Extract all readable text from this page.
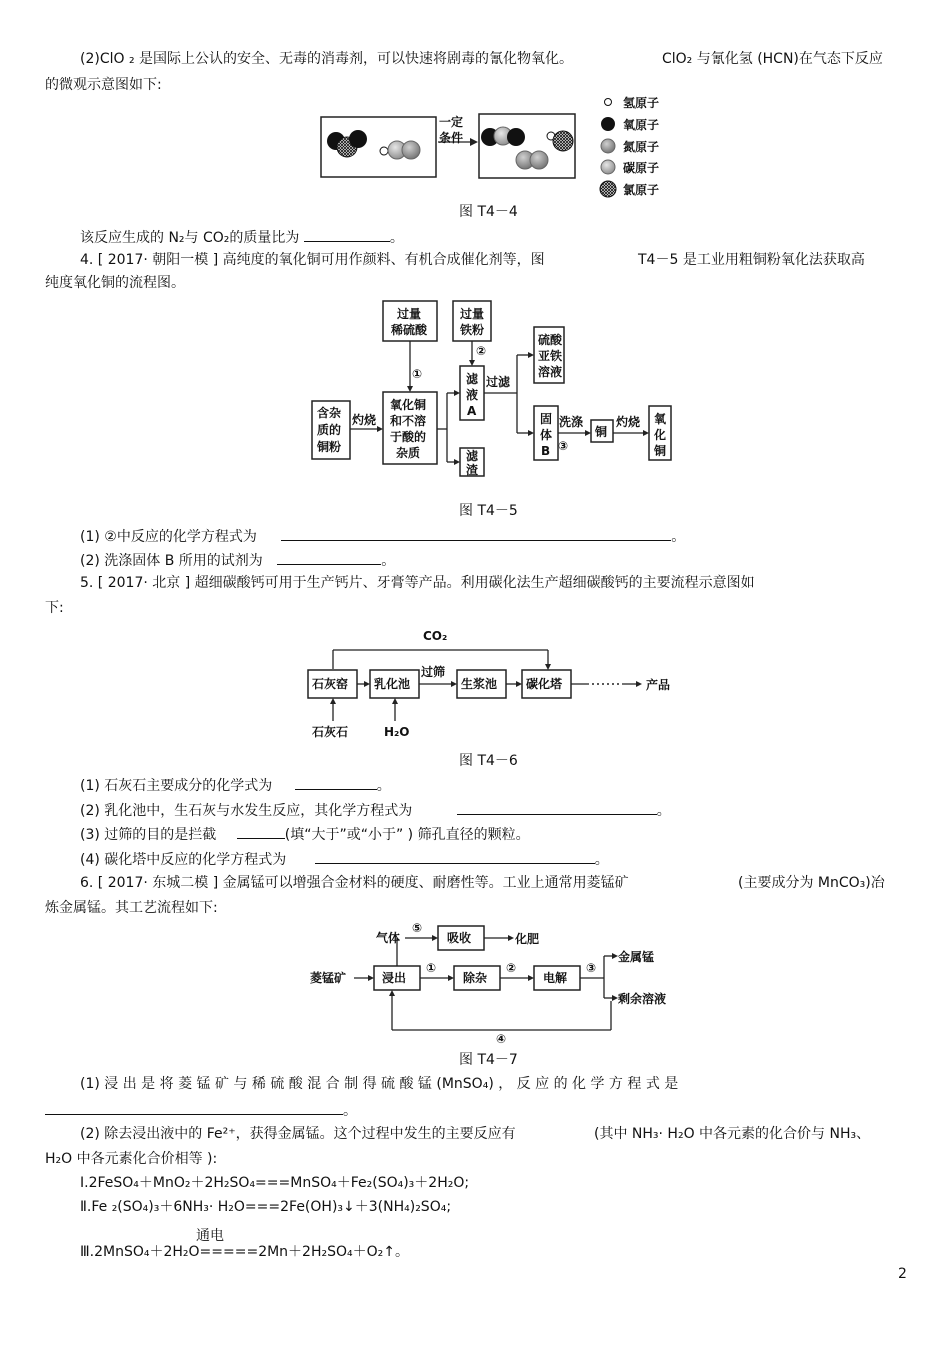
(2)ClO ₂ 是国际上公认的安全、无毒的消毒剂，可以快速将剧毒的氰化物氧化。	ClO₂ 与氰化氢 (HCN)在气态下反应
的微观示意图如下:
一定
条件
氢原子
氧原子
氮原子
碳原子
氯原子
图 T4－4
该反应生成的 N₂与 CO₂的质量比为	。
4. [ 2017· 朝阳一模 ] 高纯度的氧化铜可用作颜料、有机合成催化剂等，图	T4－5 是工业用粗铜粉氧化法获取高
纯度氧化铜的流程图。
过量
稀硫酸
过量
铁粉
硫酸
亚铁
溶液
含杂
质的
铜粉
氧化铜
和不溶
于酸的
杂质
滤
液
A
固
体
B
滤
渣
铜
氧
化
铜
灼烧
①
②
过滤
洗涤
③
灼烧
图 T4－5
(1) ②中反应的化学方程式为	。
(2) 洗涤固体 B 所用的试剂为	。
5. [ 2017· 北京 ] 超细碳酸钙可用于生产钙片、牙膏等产品。利用碳化法生产超细碳酸钙的主要流程示意图如
下:
CO₂
石灰窑 乳化池	生浆池 碳化塔
过筛
产品
石灰石	H₂O
图 T4－6
(1) 石灰石主要成分的化学式为	。
(2) 乳化池中，生石灰与水发生反应，其化学方程式为	。
(3) 过筛的目的是拦截	(填“大于”或“小于” ) 筛孔直径的颗粒。
(4) 碳化塔中反应的化学方程式为	。
6. [ 2017· 东城二模 ] 金属锰可以增强合金材料的硬度、耐磨性等。工业上通常用菱锰矿	(主要成分为 MnCO₃)冶
炼金属锰。其工艺流程如下:
菱锰矿	浸出
气体
⑤
吸收	化肥
①
除杂
②
电解
③
金属锰
剩余溶液
④
图 T4－7
(1) 浸 出 是 将 菱 锰 矿 与 稀 硫 酸 混 合 制 得 硫 酸 锰 (MnSO₄) ， 反 应 的 化 学 方 程 式 是
。
(2) 除去浸出液中的 Fe²⁺，获得金属锰。这个过程中发生的主要反应有	(其中 NH₃· H₂O 中各元素的化合价与 NH₃、
H₂O 中各元素化合价相等 ):
Ⅰ.2FeSO₄＋MnO₂＋2H₂SO₄===MnSO₄＋Fe₂(SO₄)₃＋2H₂O;
Ⅱ.Fe ₂(SO₄)₃＋6NH₃· H₂O===2Fe(OH)₃↓＋3(NH₄)₂SO₄;
通电
Ⅲ.2MnSO₄＋2H₂O=====2Mn＋2H₂SO₄＋O₂↑。
2
